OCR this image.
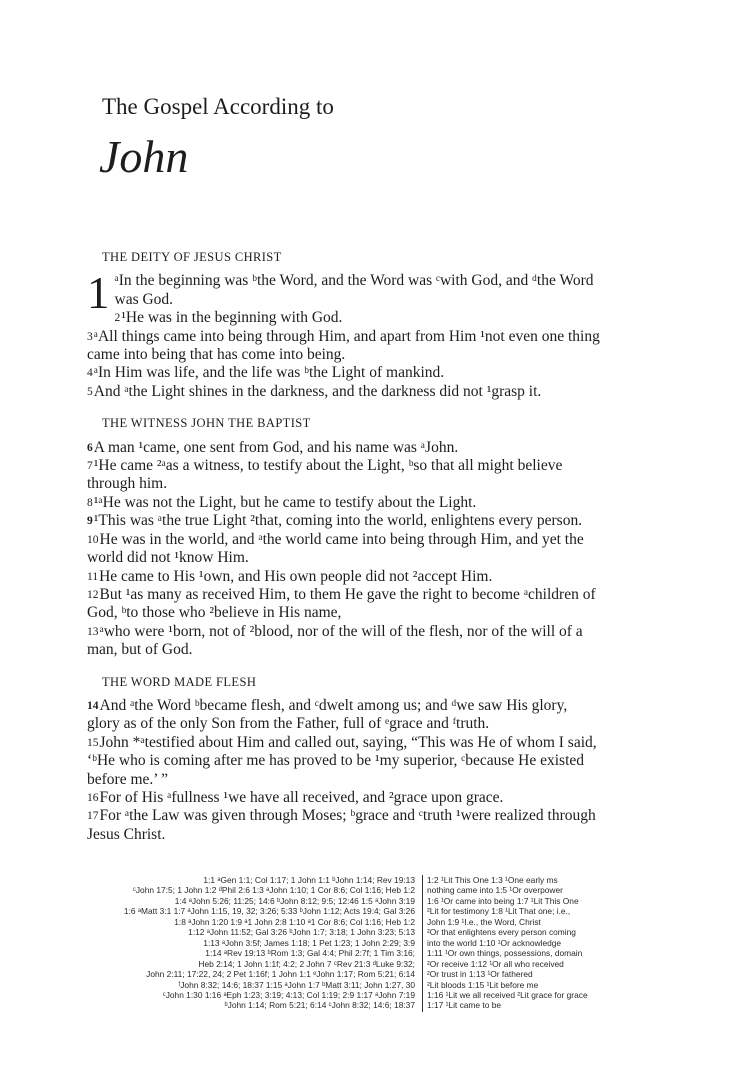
The Gospel According to
John
THE DEITY OF JESUS CHRIST

1 ᵃIn the beginning was ᵇthe Word, and the Word was ᶜwith God, and ᵈthe Word was God.

2¹He was in the beginning with God.

3ᵃAll things came into being through Him, and apart from Him ¹not even one thing came into being that has come into being.

4ᵃIn Him was life, and the life was ᵇthe Light of mankind.

5And ᵃthe Light shines in the darkness, and the darkness did not ¹grasp it.

THE WITNESS JOHN THE BAPTIST

6A man ¹came, one sent from God, and his name was ᵃJohn.

7¹He came ²ᵃas a witness, to testify about the Light, ᵇso that all might believe through him.

8¹ᵃHe was not the Light, but he came to testify about the Light.

9¹This was ᵃthe true Light ²that, coming into the world, enlightens every person.

10He was in the world, and ᵃthe world came into being through Him, and yet the world did not ¹know Him.

11He came to His ¹own, and His own people did not ²accept Him.

12But ¹as many as received Him, to them He gave the right to become ᵃchildren of God, ᵇto those who ²believe in His name,

13ᵃwho were ¹born, not of ²blood, nor of the will of the flesh, nor of the will of a man, but of God.

THE WORD MADE FLESH

14And ᵃthe Word ᵇbecame flesh, and ᶜdwelt among us; and ᵈwe saw His glory, glory as of the only Son from the Father, full of ᵉgrace and ᶠtruth.

15John *ᵃtestified about Him and called out, saying, “This was He of whom I said, ‘ᵇHe who is coming after me has proved to be ¹my superior, ᶜbecause He existed before me.’ ”

16For of His ᵃfullness ¹we have all received, and ²grace upon grace.

17For ᵃthe Law was given through Moses; ᵇgrace and ᶜtruth ¹were realized through Jesus Christ.

1:1 ᵃGen 1:1; Col 1:17; 1 John 1:1 ᵇJohn 1:14; Rev 19:13
ᶜJohn 17:5; 1 John 1:2 ᵈPhil 2:6 1:3 ᵃJohn 1:10; 1 Cor 8:6; Col 1:16; Heb 1:2
1:4 ᵃJohn 5:26; 11:25; 14:6 ᵇJohn 8:12; 9:5; 12:46 1:5 ᵃJohn 3:19
1:6 ᵃMatt 3:1 1:7 ᵃJohn 1:15, 19, 32; 3:26; 5:33 ᵇJohn 1:12; Acts 19:4; Gal 3:26
1:8 ᵃJohn 1:20 1:9 ᵃ1 John 2:8 1:10 ᵃ1 Cor 8:6; Col 1:16; Heb 1:2
1:12 ᵃJohn 11:52; Gal 3:26 ᵇJohn 1:7; 3:18; 1 John 3:23; 5:13
1:13 ᵃJohn 3:5f; James 1:18; 1 Pet 1:23; 1 John 2:29; 3:9
1:14 ᵃRev 19:13 ᵇRom 1:3; Gal 4:4; Phil 2:7f; 1 Tim 3:16;
Heb 2:14; 1 John 1:1f; 4:2; 2 John 7 ᶜRev 21:3 ᵈLuke 9:32;
John 2:11; 17:22, 24; 2 Pet 1:16f; 1 John 1:1 ᵉJohn 1:17; Rom 5:21; 6:14
ᶠJohn 8:32; 14:6; 18:37 1:15 ᵃJohn 1:7 ᵇMatt 3:11; John 1:27, 30
ᶜJohn 1:30 1:16 ᵃEph 1:23; 3:19; 4:13; Col 1:19; 2:9 1:17 ᵃJohn 7:19
ᵇJohn 1:14; Rom 5:21; 6:14 ᶜJohn 8:32; 14:6; 18:37
1:2 ¹Lit This One 1:3 ¹One early ms
nothing came into 1:5 ¹Or overpower
1:6 ¹Or came into being 1:7 ¹Lit This One
²Lit for testimony 1:8 ¹Lit That one; i.e.,
John 1:9 ¹I.e., the Word, Christ
²Or that enlightens every person coming
into the world 1:10 ¹Or acknowledge
1:11 ¹Or own things, possessions, domain
²Or receive 1:12 ¹Or all who received
²Or trust in 1:13 ¹Or fathered
²Lit bloods 1:15 ¹Lit before me
1:16 ¹Lit we all received ²Lit grace for grace
1:17 ¹Lit came to be
